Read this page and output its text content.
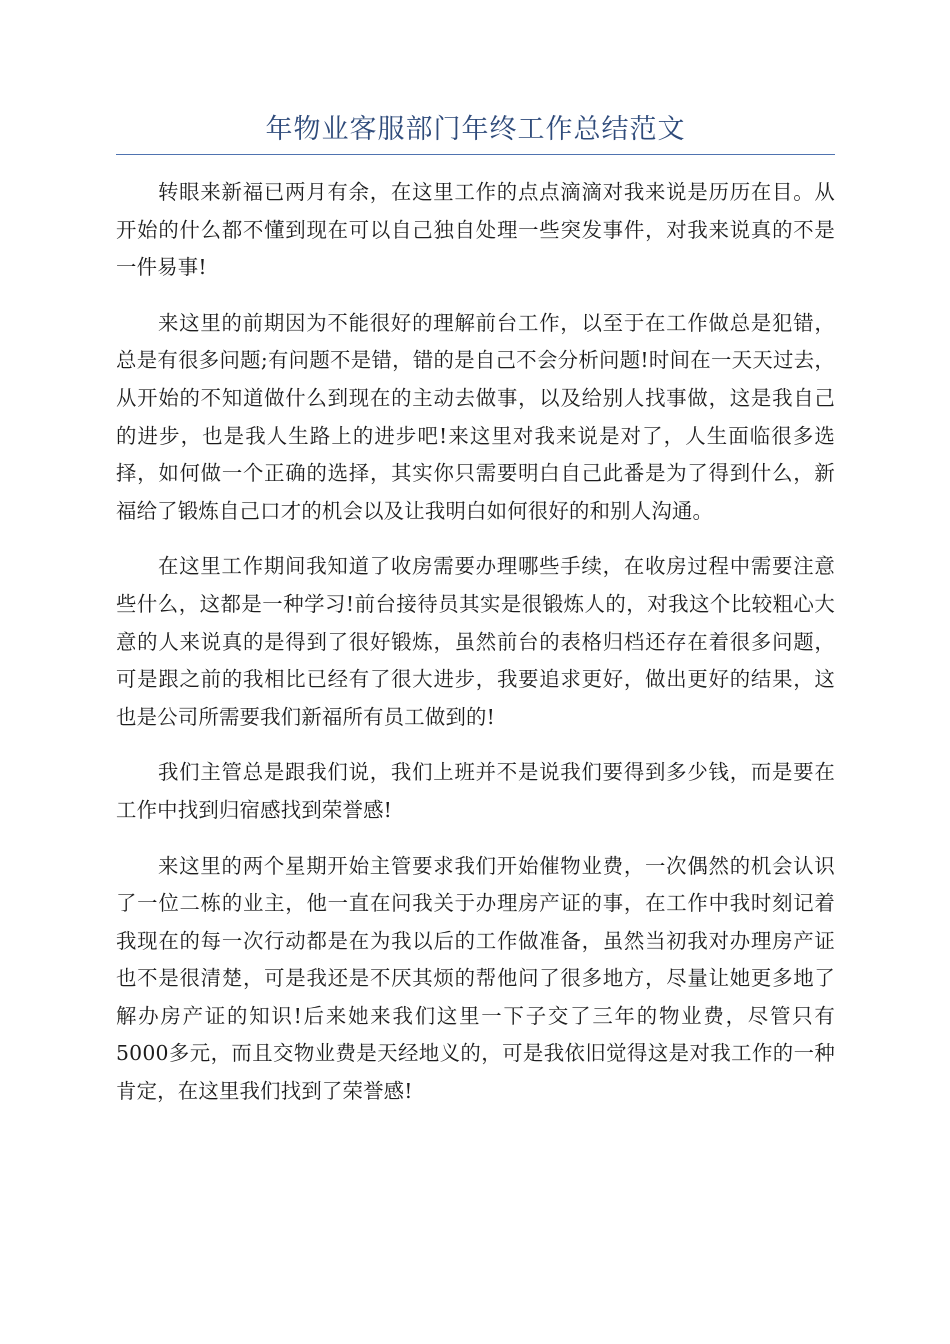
年物业客服部门年终工作总结范文

转眼来新福已两月有余，在这里工作的点点滴滴对我来说是历历在目。从开始的什么都不懂到现在可以自己独自处理一些突发事件，对我来说真的不是一件易事!

来这里的前期因为不能很好的理解前台工作，以至于在工作做总是犯错，总是有很多问题;有问题不是错，错的是自己不会分析问题!时间在一天天过去，从开始的不知道做什么到现在的主动去做事，以及给别人找事做，这是我自己的进步，也是我人生路上的进步吧!来这里对我来说是对了，人生面临很多选择，如何做一个正确的选择，其实你只需要明白自己此番是为了得到什么，新福给了锻炼自己口才的机会以及让我明白如何很好的和别人沟通。

在这里工作期间我知道了收房需要办理哪些手续，在收房过程中需要注意些什么，这都是一种学习!前台接待员其实是很锻炼人的，对我这个比较粗心大意的人来说真的是得到了很好锻炼，虽然前台的表格归档还存在着很多问题，可是跟之前的我相比已经有了很大进步，我要追求更好，做出更好的结果，这也是公司所需要我们新福所有员工做到的!

我们主管总是跟我们说，我们上班并不是说我们要得到多少钱，而是要在工作中找到归宿感找到荣誉感!

来这里的两个星期开始主管要求我们开始催物业费，一次偶然的机会认识了一位二栋的业主，他一直在问我关于办理房产证的事，在工作中我时刻记着我现在的每一次行动都是在为我以后的工作做准备，虽然当初我对办理房产证也不是很清楚，可是我还是不厌其烦的帮他问了很多地方，尽量让她更多地了解办房产证的知识!后来她来我们这里一下子交了三年的物业费，尽管只有5000多元，而且交物业费是天经地义的，可是我依旧觉得这是对我工作的一种肯定，在这里我们找到了荣誉感!
